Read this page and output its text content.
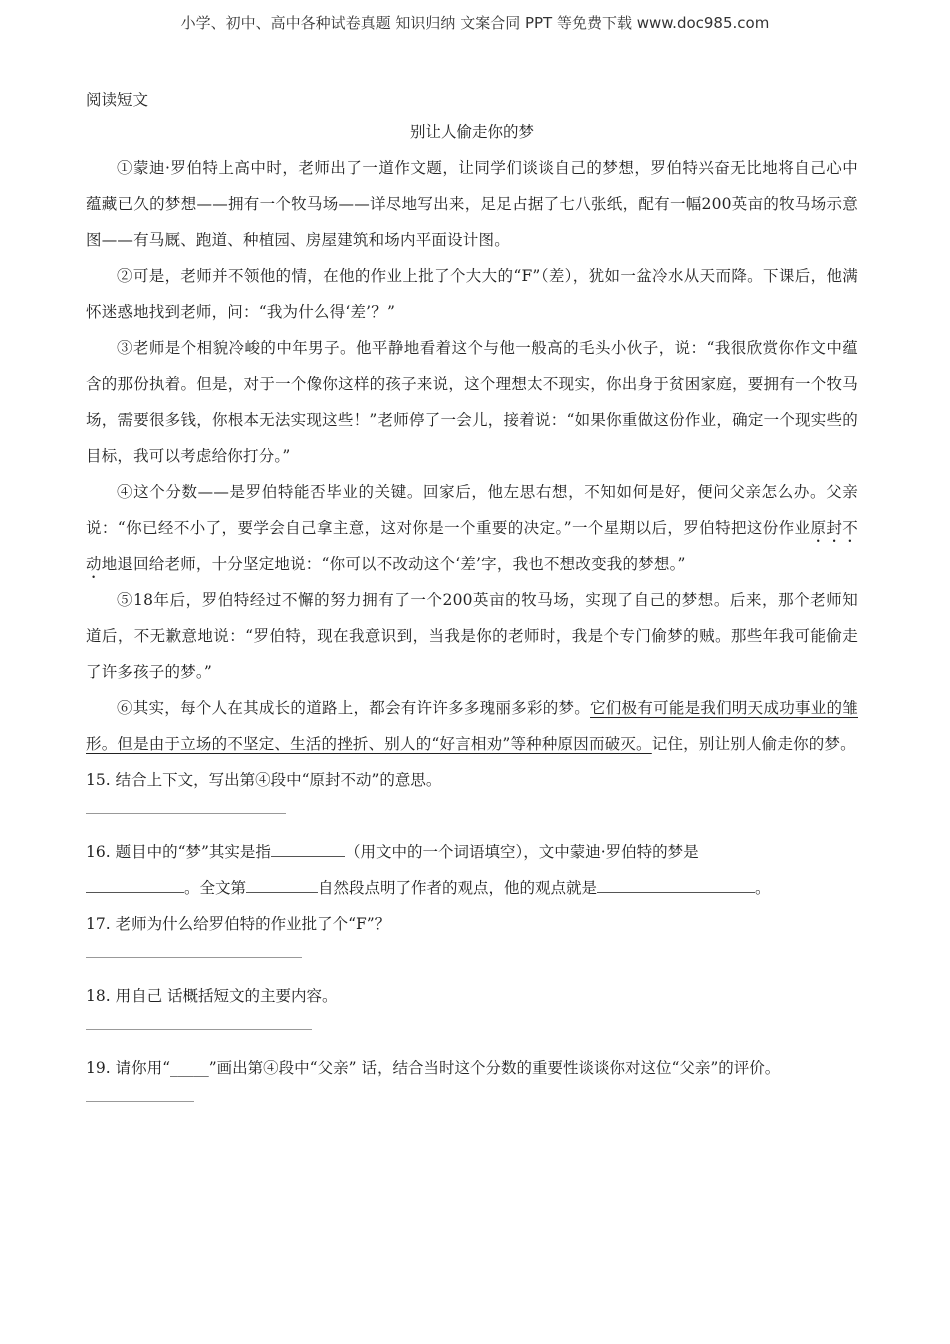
小学、初中、高中各种试卷真题 知识归纳 文案合同 PPT 等免费下载 www.doc985.com

阅读短文

别让人偷走你的梦

①蒙迪·罗伯特上高中时，老师出了一道作文题，让同学们谈谈自己的梦想，罗伯特兴奋无比地将自己心中蕴藏已久的梦想——拥有一个牧马场——详尽地写出来，足足占据了七八张纸，配有一幅200英亩的牧马场示意图——有马厩、跑道、种植园、房屋建筑和场内平面设计图。

②可是，老师并不领他的情，在他的作业上批了个大大的“F”（差），犹如一盆冷水从天而降。下课后，他满怀迷惑地找到老师，问：“我为什么得‘差’？”

③老师是个相貌冷峻的中年男子。他平静地看着这个与他一般高的毛头小伙子，说：“我很欣赏你作文中蕴含的那份执着。但是，对于一个像你这样的孩子来说，这个理想太不现实，你出身于贫困家庭，要拥有一个牧马场，需要很多钱，你根本无法实现这些！”老师停了一会儿，接着说：“如果你重做这份作业，确定一个现实些的目标，我可以考虑给你打分。”

④这个分数——是罗伯特能否毕业的关键。回家后，他左思右想，不知如何是好，便问父亲怎么办。父亲说：“你已经不小了，要学会自己拿主意，这对你是一个重要的决定。”一个星期以后，罗伯特把这份作业原封不动地退回给老师，十分坚定地说：“你可以不改动这个‘差’字，我也不想改变我的梦想。”

⑤18年后，罗伯特经过不懈的努力拥有了一个200英亩的牧马场，实现了自己的梦想。后来，那个老师知道后，不无歉意地说：“罗伯特，现在我意识到，当我是你的老师时，我是个专门偷梦的贼。那些年我可能偷走了许多孩子的梦。”

⑥其实，每个人在其成长的道路上，都会有许许多多瑰丽多彩的梦。它们极有可能是我们明天成功事业的雏形。但是由于立场的不坚定、生活的挫折、别人的“好言相劝”等种种原因而破灭。记住，别让别人偷走你的梦。

15. 结合上下文，写出第④段中“原封不动”的意思。

16. 题目中的“梦”其实是指	（用文中的一个词语填空），文中蒙迪·罗伯特的梦是
。全文第	自然段点明了作者的观点，他的观点就是	。

17. 老师为什么给罗伯特的作业批了个“F”？

18. 用自己 话概括短文的主要内容。

19. 请你用“_____”画出第④段中“父亲” 话，结合当时这个分数的重要性谈谈你对这位“父亲”的评价。
